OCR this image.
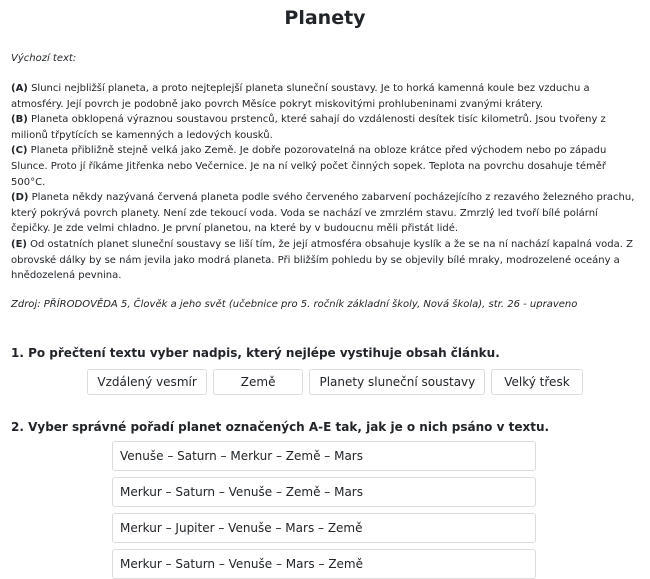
Planety
Výchozí text:

(A) Slunci nejbližší planeta, a proto nejteplejší planeta sluneční soustavy. Je to horká kamenná koule bez vzduchu a atmosféry. Její povrch je podobně jako povrch Měsíce pokryt miskovitými prohlubeninami zvanými krátery.

(B) Planeta obklopená výraznou soustavou prstenců, které sahají do vzdálenosti desítek tisíc kilometrů. Jsou tvořeny z milionů třpytících se kamenných a ledových kousků.

(C) Planeta přibližně stejně velká jako Země. Je dobře pozorovatelná na obloze krátce před východem nebo po západu Slunce. Proto jí říkáme Jitřenka nebo Večernice. Je na ní velký počet činných sopek. Teplota na povrchu dosahuje téměř 500°C.

(D) Planeta někdy nazývaná červená planeta podle svého červeného zabarvení pocházejícího z rezavého železného prachu, který pokrývá povrch planety. Není zde tekoucí voda. Voda se nachází ve zmrzlém stavu. Zmrzlý led tvoří bílé polární čepičky. Je zde velmi chladno. Je první planetou, na které by v budoucnu měli přistát lidé.

(E) Od ostatních planet sluneční soustavy se liší tím, že její atmosféra obsahuje kyslík a že se na ní nachází kapalná voda. Z obrovské dálky by se nám jevila jako modrá planeta. Při bližším pohledu by se objevily bílé mraky, modrozelené oceány a hnědozelená pevnina.

Zdroj: PŘÍRODOVĚDA 5, Člověk a jeho svět (učebnice pro 5. ročník základní školy, Nová škola), str. 26 - upraveno

1. Po přečtení textu vyber nadpis, který nejlépe vystihuje obsah článku.

Vzdálený vesmír	Země	Planety sluneční soustavy	Velký třesk

2. Vyber správné pořadí planet označených A-E tak, jak je o nich psáno v textu.

Venuše – Saturn – Merkur – Země – Mars
Merkur – Saturn – Venuše – Země – Mars
Merkur – Jupiter – Venuše – Mars – Země
Merkur – Saturn – Venuše – Mars – Země
